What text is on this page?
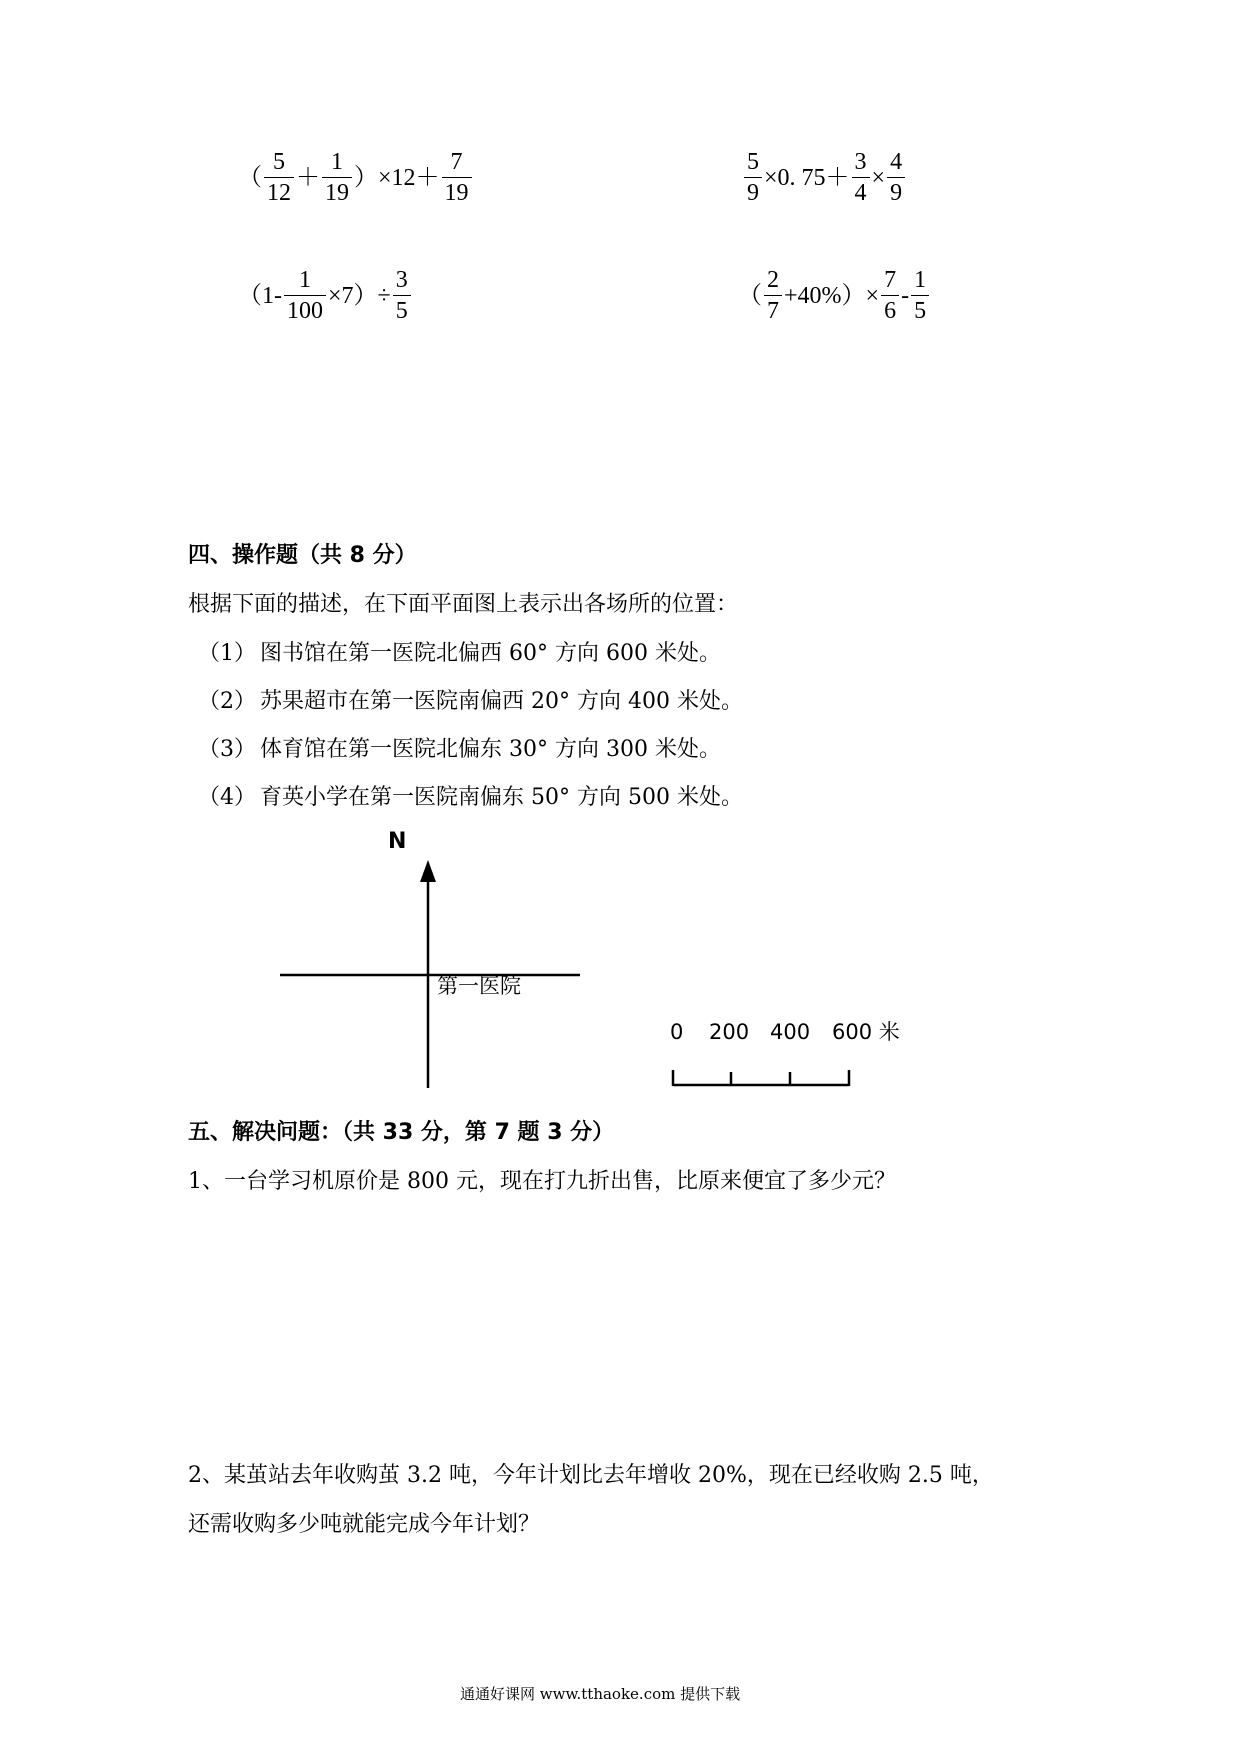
（ $\frac{5}{12} + \frac{1}{19} )\times 12+ \frac{7}{19}$	$\frac{5}{9} \times 0$. $75+ \frac{3}{4} \times \frac{4}{9}$
$(1- \frac{1}{100} \times 7)\div \frac{3}{5}$	（ $\frac{2}{7} +40\%)\times \frac{7}{6} - \frac{1}{5}$
四、操作题（共 8 分）
根据下面的描述，在下面平面图上表示出各场所的位置：
（1） 图书馆在第一医院北偏西 60° 方向 600 米处。
（2） 苏果超市在第一医院南偏西 20° 方向 400 米处。
（3） 体育馆在第一医院北偏东 30° 方向 300 米处。
（4） 育英小学在第一医院南偏东 50° 方向 500 米处。
N
第一医院
0 200 400 600 米
五、解决问题：（共 33 分，第 7 题 3 分）
1、一台学习机原价是 800 元，现在打九折出售，比原来便宜了多少元？
2、某茧站去年收购茧 3.2 吨，今年计划比去年增收 20%，现在已经收购 2.5 吨，
还需收购多少吨就能完成今年计划？
通通好课网 www.tthaoke.com 提供下载
